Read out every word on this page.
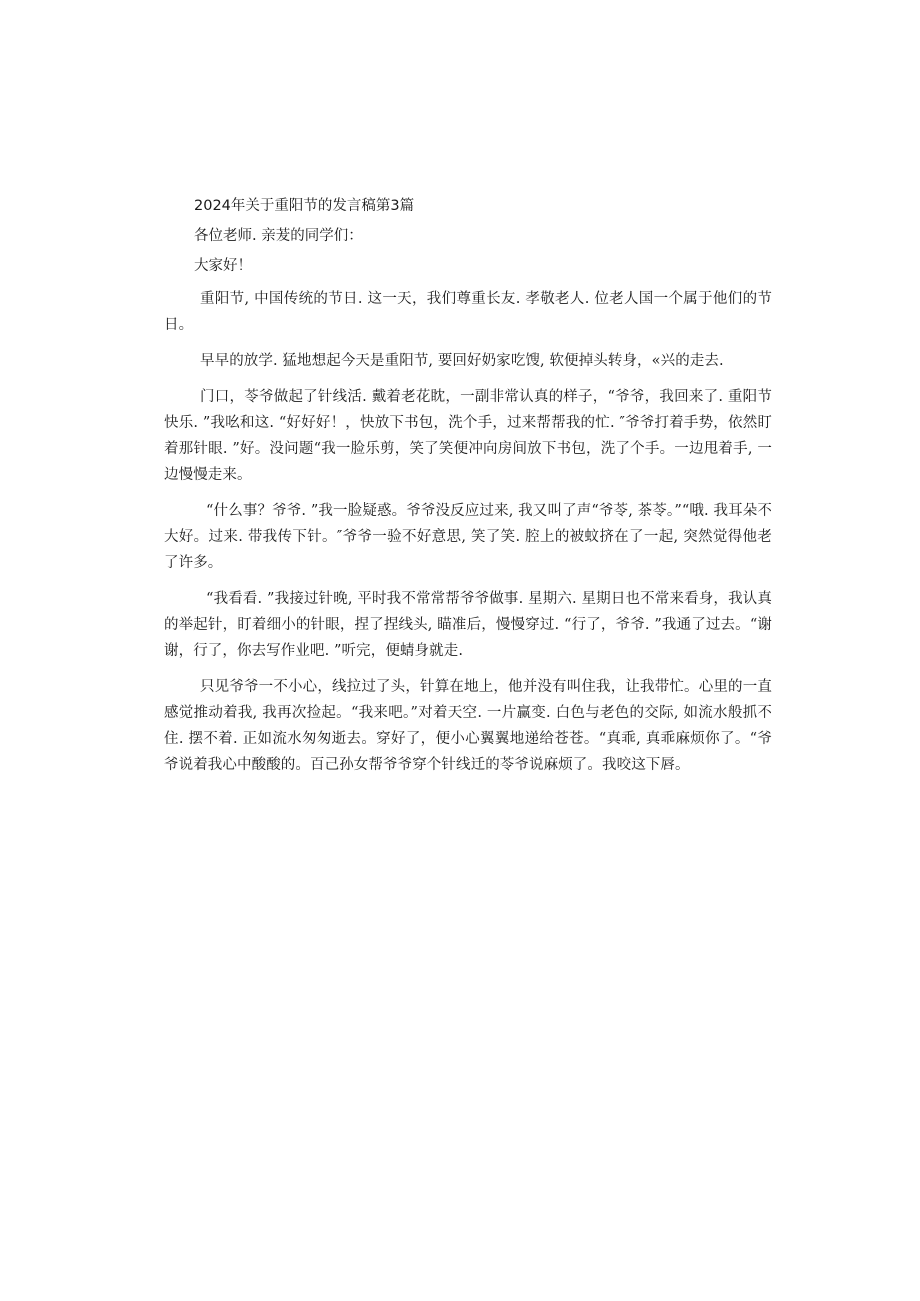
2024年关于重阳节的发言稿第3篇
各位老师. 亲茇的同学们：
大家好！

重阳节, 中国传统的节日. 这一天，我们尊重长友. 孝敬老人. 位老人国一个属于他们的节日。

早早的放学. 猛地想起今天是重阳节, 要回好奶家吃馊, 软便掉头转身，«兴的走去.

门口，苓爷做起了针线活. 戴着老花眈，一副非常认真的样子，“爷爷，我回来了. 重阳节快乐. ”我吆和这. “好好好！，快放下书包，洗个手，过来帮帮我的忙. ″爷爷打着手势，依然盯着那针眼. ”好。没问题“我一脸乐剪，笑了笑便冲向房间放下书包，洗了个手。一边甩着手, 一边慢慢走来。

“什么事？爷爷. ”我一脸疑惑。爷爷没反应过来, 我又叫了声“爷苓, 茶苓。”“哦. 我耳朵不大好。过来. 带我传下针。″爷爷一验不好意思, 笑了笑. 腔上的被蚊挤在了一起, 突然觉得他老了许多。

“我看看. ”我接过针晚, 平时我不常常帮爷爷做事. 星期六. 星期日也不常来看身，我认真的举起针，盯着细小的针眼，捏了捏线头, 瞄准后，慢慢穿过. “行了，爷爷. ”我通了过去。“谢谢，行了，你去写作业吧. ”听完，便蜻身就走.

只见爷爷一不小心，线拉过了头，针算在地上，他并没有叫住我，让我带忙。心里的一直感觉推动着我, 我再次捡起。“我来吧。”对着天空. 一片赢变. 白色与老色的交际, 如流水般抓不住. 摆不着. 正如流水匆匆逝去。穿好了，便小心翼翼地递给苍苍。“真乖, 真乖麻烦你了。“爷爷说着我心中酸酸的。百己孙女帮爷爷穿个针线迁的苓爷说麻烦了。我咬这下唇。
